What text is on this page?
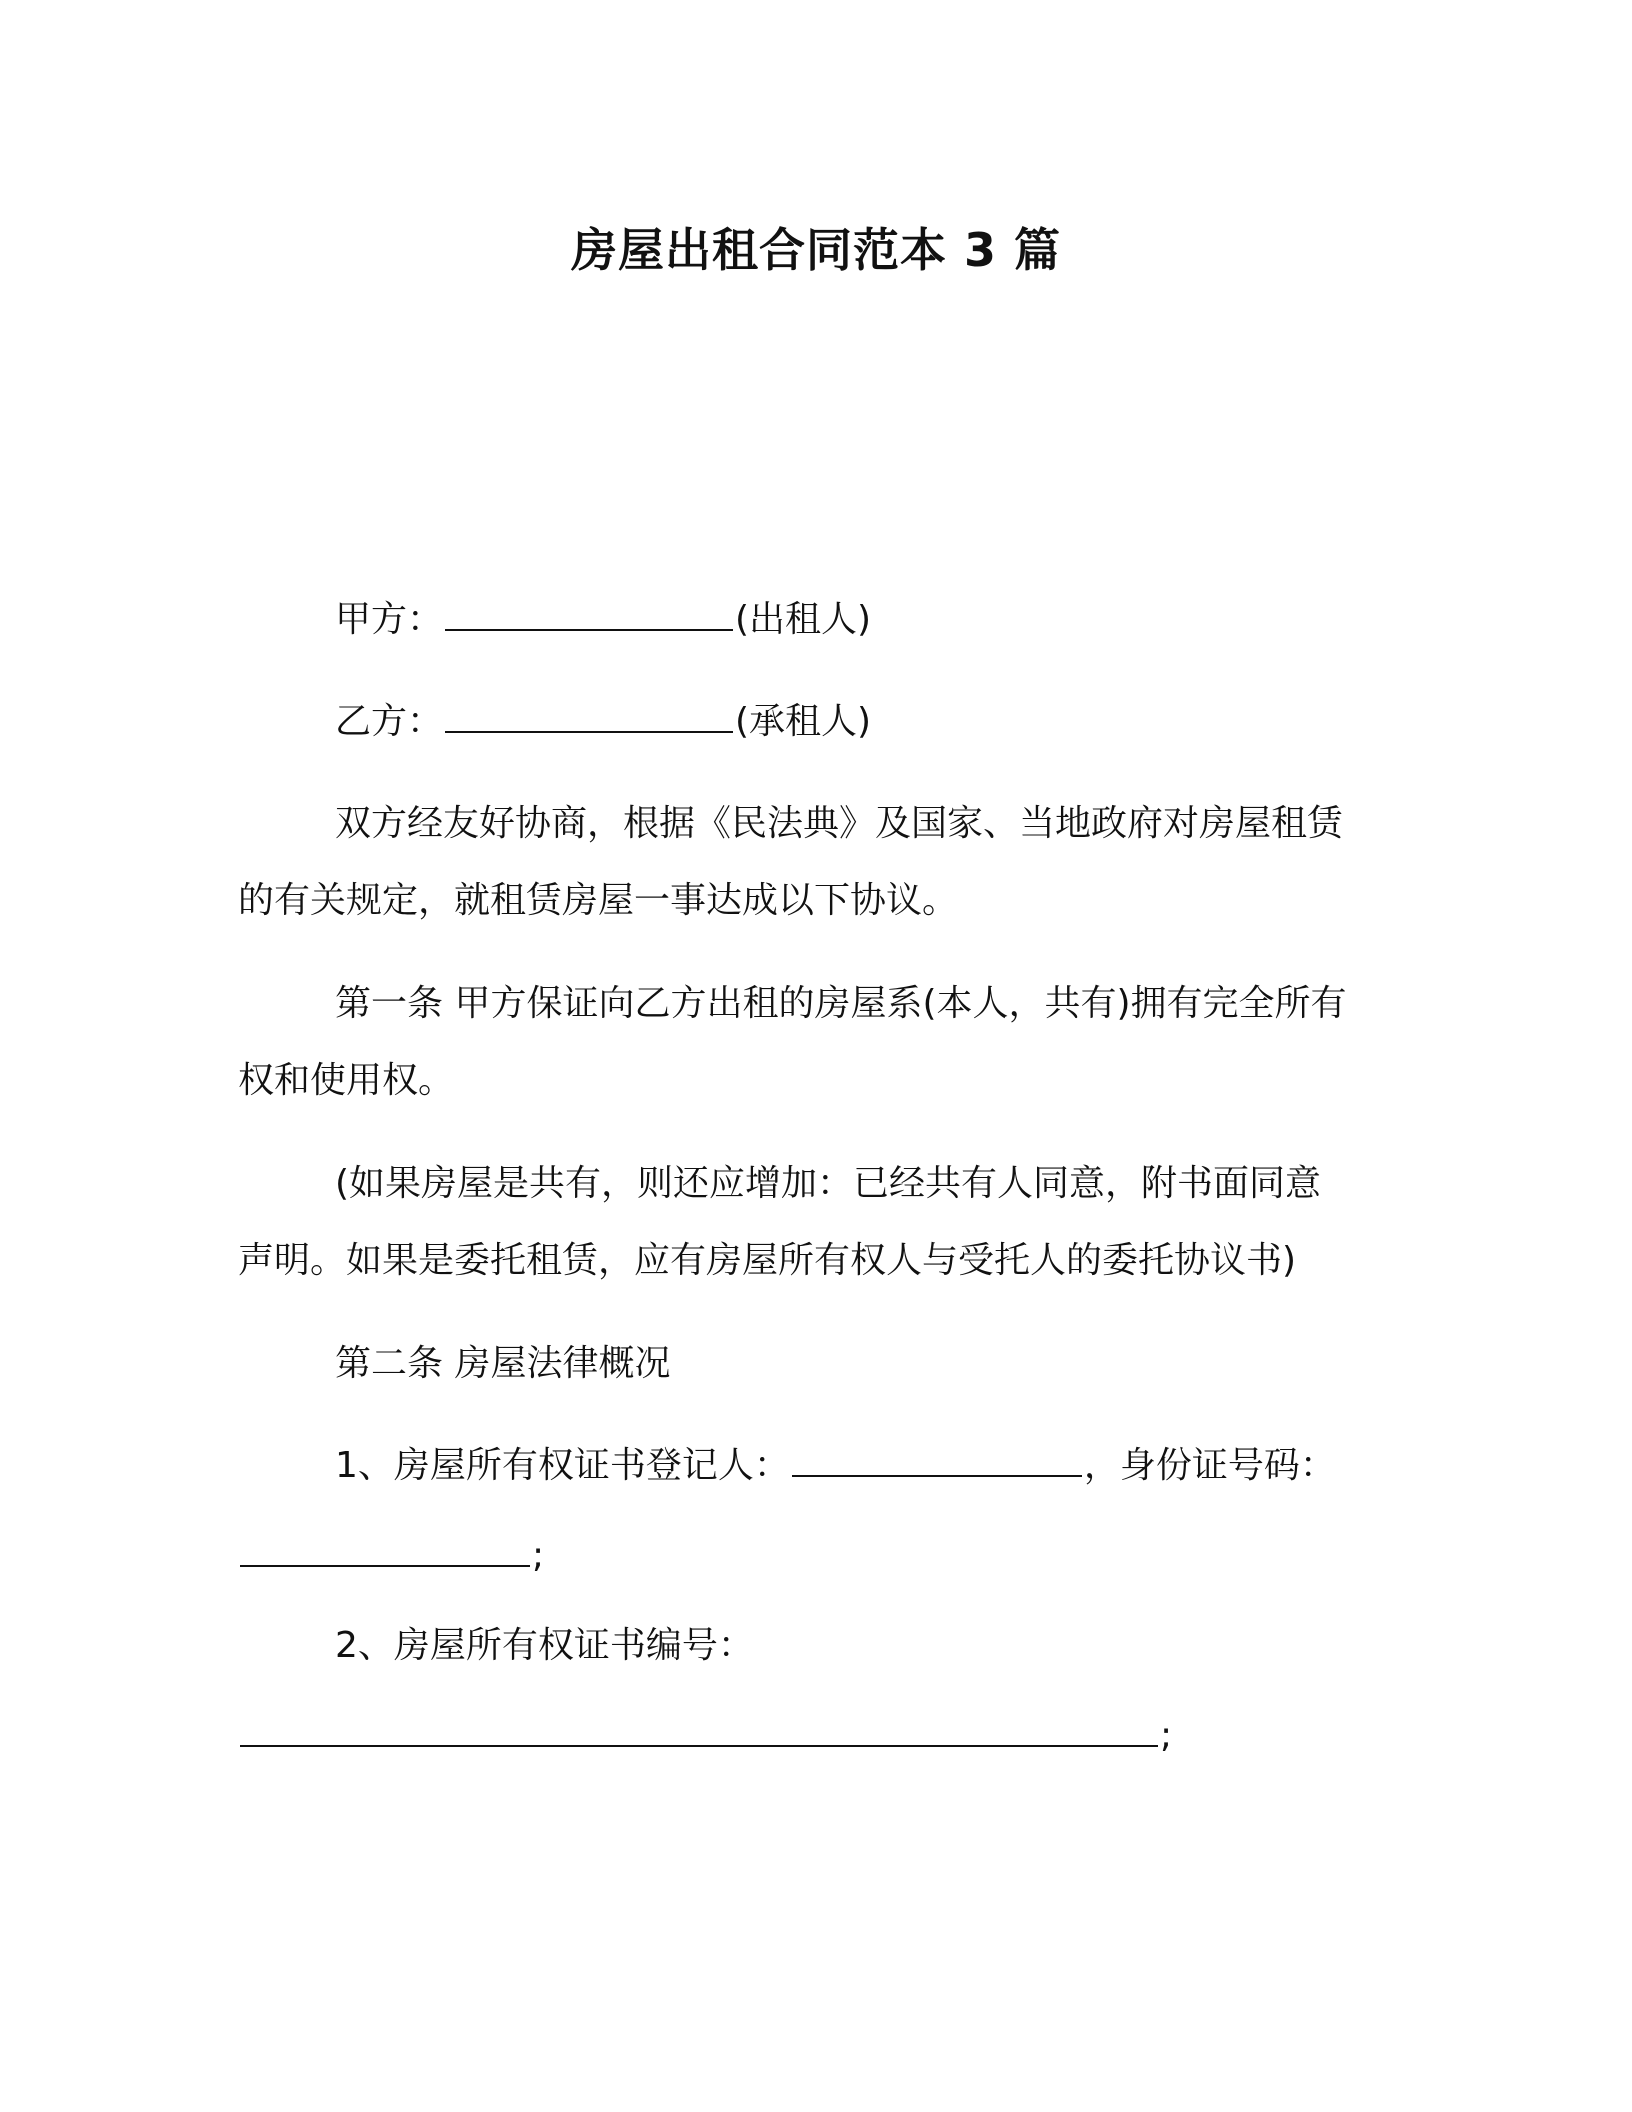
房屋出租合同范本 3 篇
甲方：	(出租人)
乙方：	(承租人)
双方经友好协商，根据《民法典》及国家、当地政府对房屋租赁
的有关规定，就租赁房屋一事达成以下协议。
第一条 甲方保证向乙方出租的房屋系(本人，共有)拥有完全所有
权和使用权。
(如果房屋是共有，则还应增加：已经共有人同意，附书面同意
声明。如果是委托租赁，应有房屋所有权人与受托人的委托协议书)
第二条 房屋法律概况
1、房屋所有权证书登记人：	，身份证号码：
;
2、房屋所有权证书编号：
;
